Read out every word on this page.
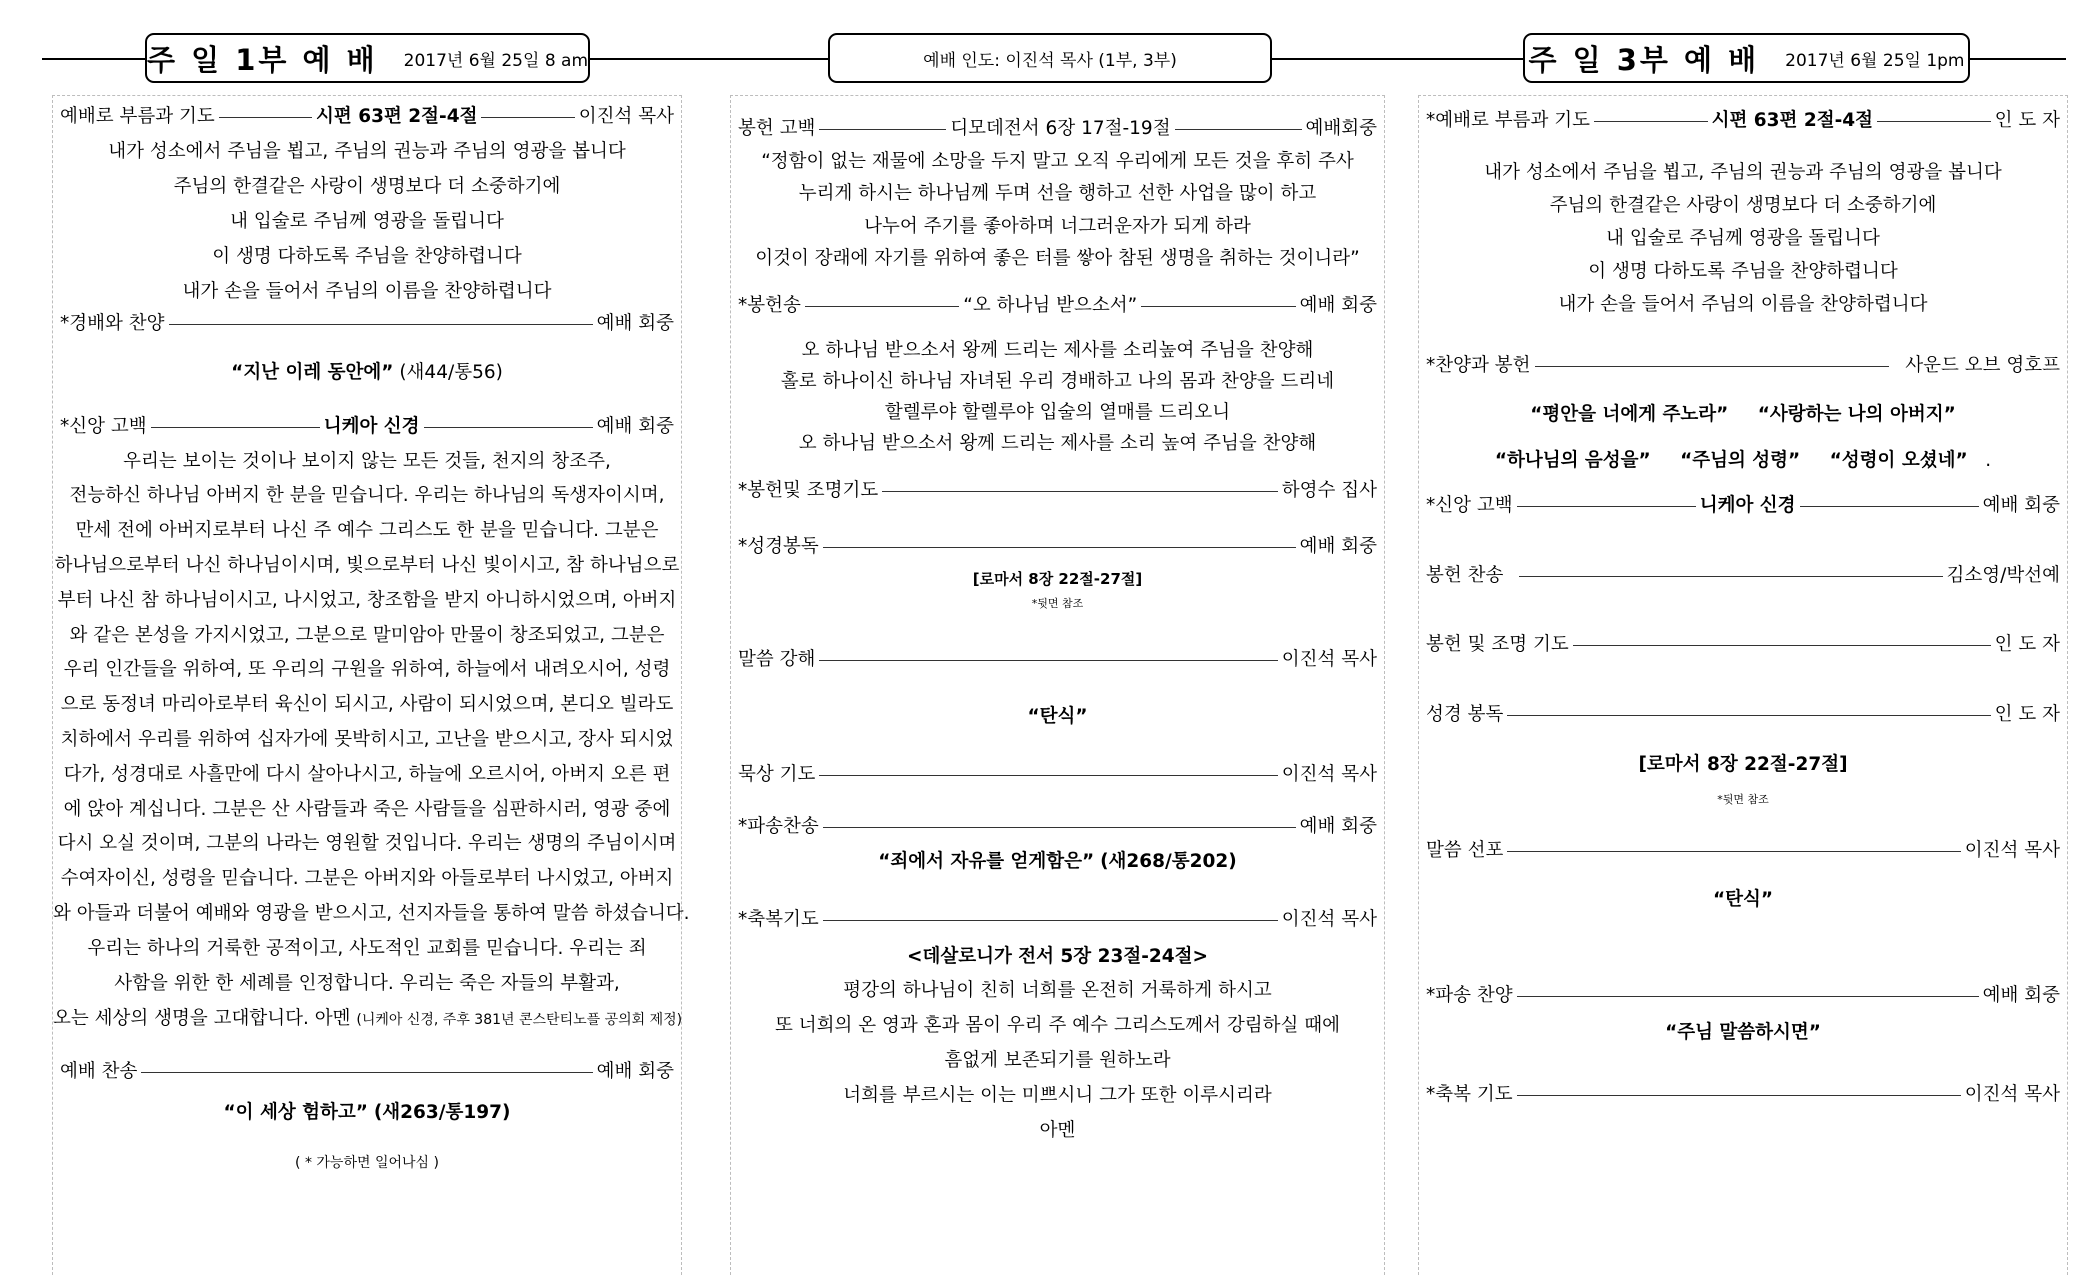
주 일 1부 예 배 2017년 6월 25일 8 am	예배 인도: 이진석 목사 (1부, 3부)	주 일 3부 예 배 2017년 6월 25일 1pm
예배로 부름과 기도	시편 63편 2절-4절	이진석 목사
내가 성소에서 주님을 뵙고, 주님의 권능과 주님의 영광을 봅니다
주님의 한결같은 사랑이 생명보다 더 소중하기에
내 입술로 주님께 영광을 돌립니다
이 생명 다하도록 주님을 찬양하렵니다
내가 손을 들어서 주님의 이름을 찬양하렵니다
*경배와 찬양	예배 회중
“지난 이레 동안에” (새44/통56)
*신앙 고백	니케아 신경	예배 회중
우리는 보이는 것이나 보이지 않는 모든 것들, 천지의 창조주,
전능하신 하나님 아버지 한 분을 믿습니다. 우리는 하나님의 독생자이시며,
만세 전에 아버지로부터 나신 주 예수 그리스도 한 분을 믿습니다. 그분은
하나님으로부터 나신 하나님이시며, 빛으로부터 나신 빛이시고, 참 하나님으로
부터 나신 참 하나님이시고, 나시었고, 창조함을 받지 아니하시었으며, 아버지
와 같은 본성을 가지시었고, 그분으로 말미암아 만물이 창조되었고, 그분은
우리 인간들을 위하여, 또 우리의 구원을 위하여, 하늘에서 내려오시어, 성령
으로 동정녀 마리아로부터 육신이 되시고, 사람이 되시었으며, 본디오 빌라도
치하에서 우리를 위하여 십자가에 못박히시고, 고난을 받으시고, 장사 되시었
다가, 성경대로 사흘만에 다시 살아나시고, 하늘에 오르시어, 아버지 오른 편
에 앉아 계십니다. 그분은 산 사람들과 죽은 사람들을 심판하시러, 영광 중에
다시 오실 것이며, 그분의 나라는 영원할 것입니다. 우리는 생명의 주님이시며
수여자이신, 성령을 믿습니다. 그분은 아버지와 아들로부터 나시었고, 아버지
와 아들과 더불어 예배와 영광을 받으시고, 선지자들을 통하여 말씀 하셨습니다.
우리는 하나의 거룩한 공적이고, 사도적인 교회를 믿습니다. 우리는 죄
사함을 위한 한 세례를 인정합니다. 우리는 죽은 자들의 부활과,
오는 세상의 생명을 고대합니다. 아멘 (니케아 신경, 주후 381년 콘스탄티노플 공의회 제정)
예배 찬송	예배 회중
“이 세상 험하고” (새263/통197)
( * 가능하면 일어나심 )
봉헌 고백	디모데전서 6장 17절-19절	예배회중
“정함이 없는 재물에 소망을 두지 말고 오직 우리에게 모든 것을 후히 주사
누리게 하시는 하나님께 두며 선을 행하고 선한 사업을 많이 하고
나누어 주기를 좋아하며 너그러운자가 되게 하라
이것이 장래에 자기를 위하여 좋은 터를 쌓아 참된 생명을 취하는 것이니라”
*봉헌송	“오 하나님 받으소서”	예배 회중
오 하나님 받으소서 왕께 드리는 제사를 소리높여 주님을 찬양해
홀로 하나이신 하나님 자녀된 우리 경배하고 나의 몸과 찬양을 드리네
할렐루야 할렐루야 입술의 열매를 드리오니
오 하나님 받으소서 왕께 드리는 제사를 소리 높여 주님을 찬양해
*봉헌및 조명기도	하영수 집사
*성경봉독	예배 회중
[로마서 8장 22절-27절]
*뒷면 참조
말씀 강해	이진석 목사
“탄식”
묵상 기도	이진석 목사
*파송찬송	예배 회중
“죄에서 자유를 얻게함은” (새268/통202)
*축복기도	이진석 목사
<데살로니가 전서 5장 23절-24절>
평강의 하나님이 친히 너희를 온전히 거룩하게 하시고
또 너희의 온 영과 혼과 몸이 우리 주 예수 그리스도께서 강림하실 때에
흠없게 보존되기를 원하노라
너희를 부르시는 이는 미쁘시니 그가 또한 이루시리라
아멘
*예배로 부름과 기도	시편 63편 2절-4절	인 도 자
내가 성소에서 주님을 뵙고, 주님의 권능과 주님의 영광을 봅니다
주님의 한결같은 사랑이 생명보다 더 소중하기에
내 입술로 주님께 영광을 돌립니다
이 생명 다하도록 주님을 찬양하렵니다
내가 손을 들어서 주님의 이름을 찬양하렵니다
*찬양과 봉헌	사운드 오브 영호프
“평안을 너에게 주노라” “사랑하는 나의 아버지”
“하나님의 음성을” “주님의 성령” “성령이 오셨네” .
*신앙 고백	니케아 신경	예배 회중
봉헌 찬송	김소영/박선예
봉헌 및 조명 기도	인 도 자
성경 봉독	인 도 자
[로마서 8장 22절-27절]
*뒷면 참조
말씀 선포	이진석 목사
“탄식”
*파송 찬양	예배 회중
“주님 말씀하시면”
*축복 기도	이진석 목사
